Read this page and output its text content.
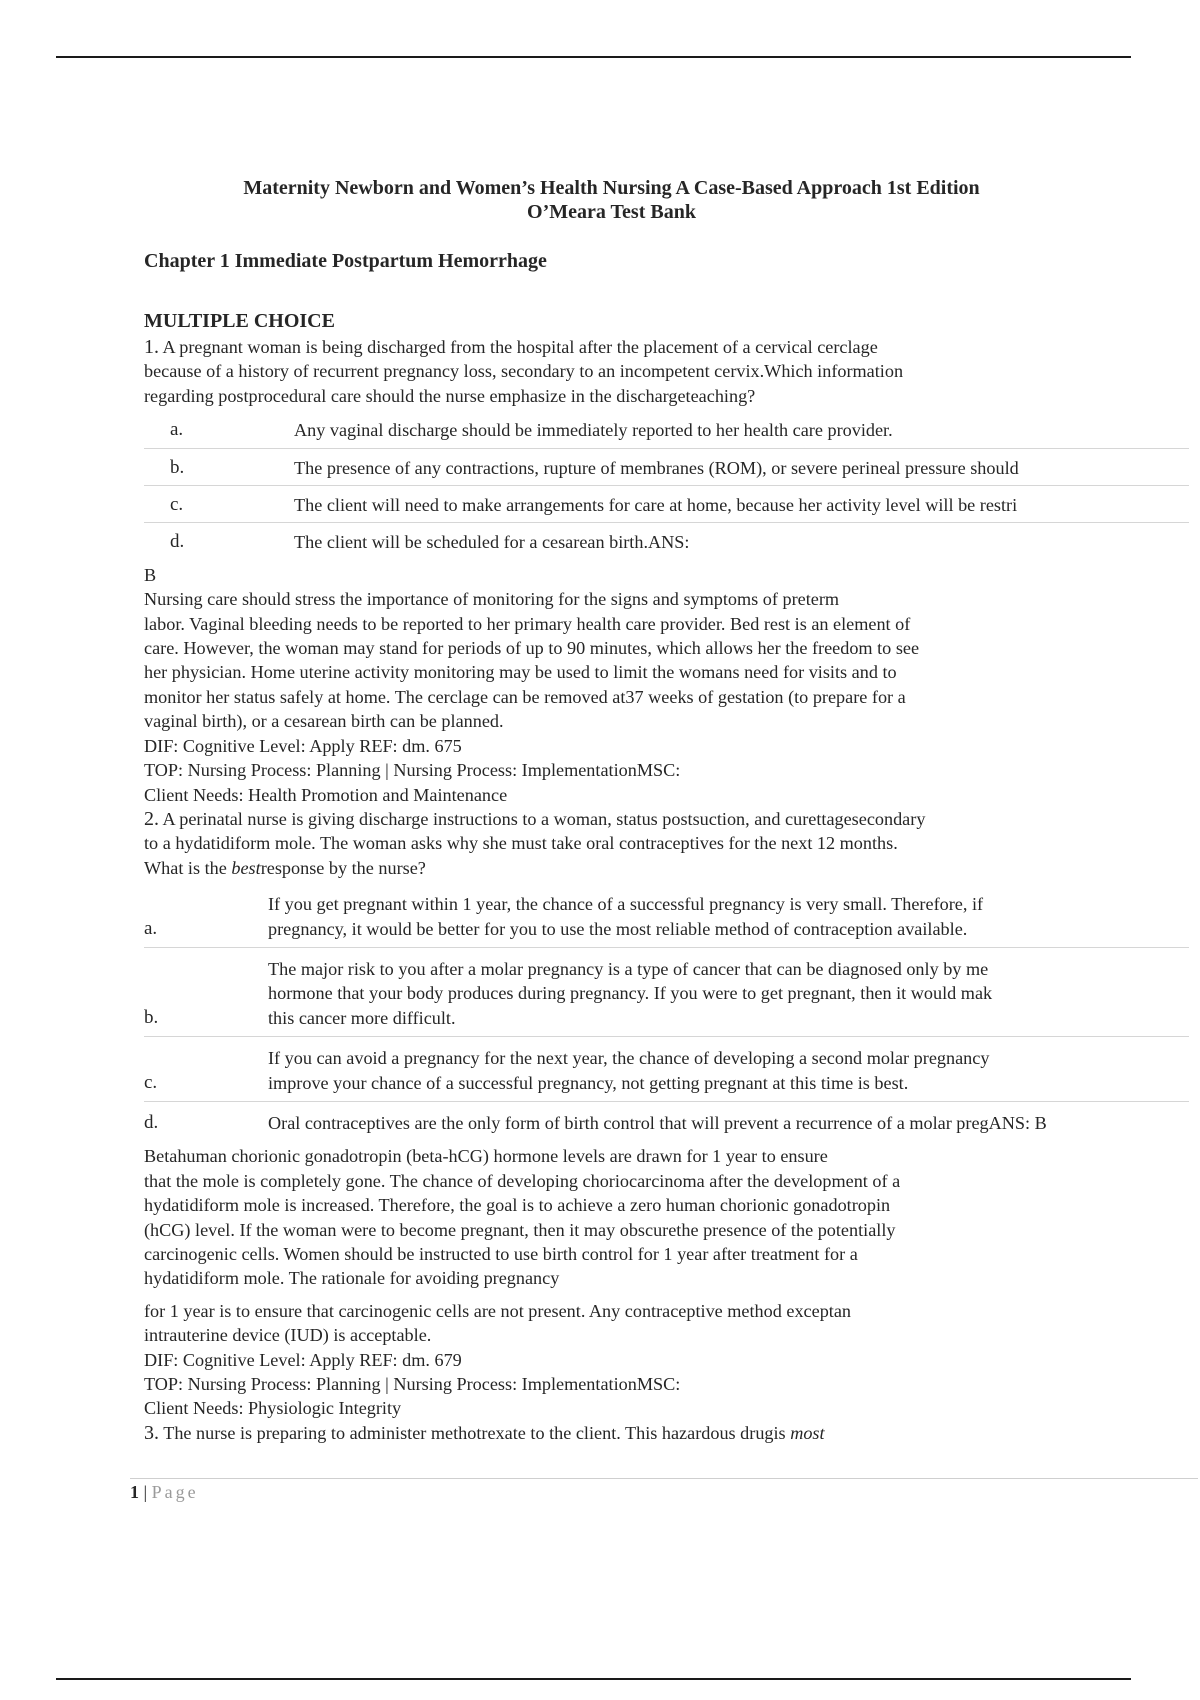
Maternity Newborn and Women’s Health Nursing A Case-Based Approach 1st Edition
O’Meara Test Bank
Chapter 1 Immediate Postpartum Hemorrhage
MULTIPLE CHOICE

1. A pregnant woman is being discharged from the hospital after the placement of a cervical cerclage

because of a history of recurrent pregnancy loss, secondary to an incompetent cervix.Which information

regarding postprocedural care should the nurse emphasize in the dischargeteaching?

a.	Any vaginal discharge should be immediately reported to her health care provider.
b.	The presence of any contractions, rupture of membranes (ROM), or severe perineal pressure should
c.	The client will need to make arrangements for care at home, because her activity level will be restri
d.	The client will be scheduled for a cesarean birth.ANS:

B

Nursing care should stress the importance of monitoring for the signs and symptoms of preterm

labor. Vaginal bleeding needs to be reported to her primary health care provider. Bed rest is an element of

care. However, the woman may stand for periods of up to 90 minutes, which allows her the freedom to see

her physician. Home uterine activity monitoring may be used to limit the womans need for visits and to

monitor her status safely at home. The cerclage can be removed at37 weeks of gestation (to prepare for a

vaginal birth), or a cesarean birth can be planned.

DIF: Cognitive Level: Apply REF: dm. 675

TOP: Nursing Process: Planning | Nursing Process: ImplementationMSC:

Client Needs: Health Promotion and Maintenance

2. A perinatal nurse is giving discharge instructions to a woman, status postsuction, and curettagesecondary

to a hydatidiform mole. The woman asks why she must take oral contraceptives for the next 12 months.

What is the bestresponse by the nurse?

a.	If you get pregnant within 1 year, the chance of a successful pregnancy is very small. Therefore, if
pregnancy, it would be better for you to use the most reliable method of contraception available.

b.	The major risk to you after a molar pregnancy is a type of cancer that can be diagnosed only by me
hormone that your body produces during pregnancy. If you were to get pregnant, then it would mak
this cancer more difficult.

c.	If you can avoid a pregnancy for the next year, the chance of developing a second molar pregnancy
improve your chance of a successful pregnancy, not getting pregnant at this time is best.

d.	Oral contraceptives are the only form of birth control that will prevent a recurrence of a molar pregANS: B

Betahuman chorionic gonadotropin (beta-hCG) hormone levels are drawn for 1 year to ensure

that the mole is completely gone. The chance of developing choriocarcinoma after the development of a

hydatidiform mole is increased. Therefore, the goal is to achieve a zero human chorionic gonadotropin

(hCG) level. If the woman were to become pregnant, then it may obscurethe presence of the potentially

carcinogenic cells. Women should be instructed to use birth control for 1 year after treatment for a

hydatidiform mole. The rationale for avoiding pregnancy

for 1 year is to ensure that carcinogenic cells are not present. Any contraceptive method exceptan

intrauterine device (IUD) is acceptable.

DIF: Cognitive Level: Apply REF: dm. 679

TOP: Nursing Process: Planning | Nursing Process: ImplementationMSC:

Client Needs: Physiologic Integrity

3. The nurse is preparing to administer methotrexate to the client. This hazardous drugis most

1 | Page
